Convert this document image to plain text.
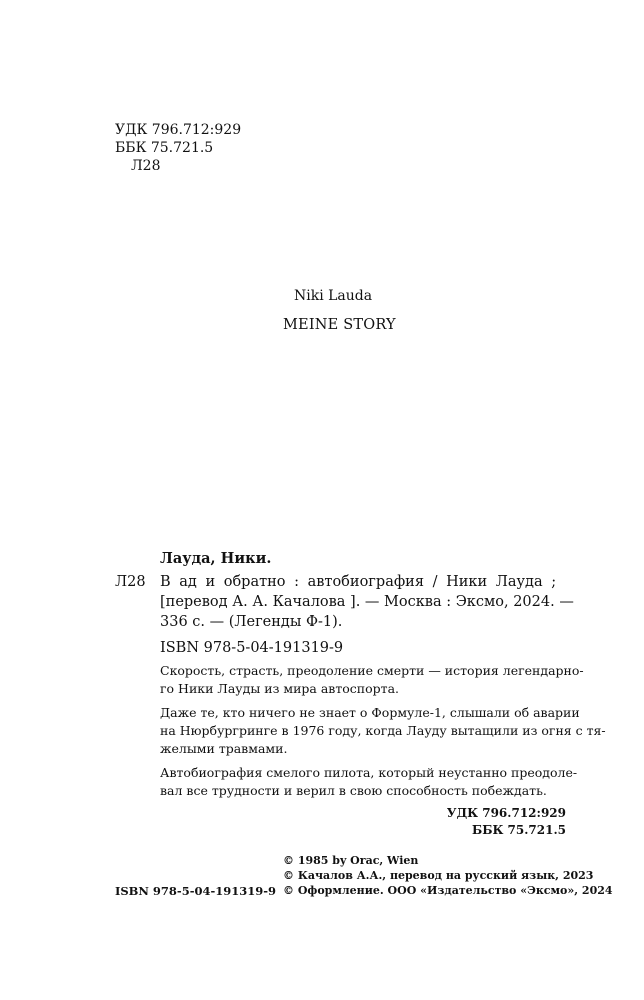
УДК 796.712:929
ББК 75.721.5
Л28
Niki Lauda
MEINE STORY
Лауда, Ники.
Л28 В ад и обратно : автобиография / Ники Лауда ;
[перевод А. А. Качалова ]. — Москва : Эксмо, 2024. —
336 с. — (Легенды Ф-1).
ISBN 978-5-04-191319-9
Скорость, страсть, преодоление смерти — история легендарно-
го Ники Лауды из мира автоспорта.
Даже те, кто ничего не знает о Формуле-1, слышали об аварии
на Нюрбургринге в 1976 году, когда Лауду вытащили из огня с тя-
желыми травмами.
Автобиография смелого пилота, который неустанно преодоле-
вал все трудности и верил в свою способность побеждать.
УДК 796.712:929
ББК 75.721.5
© 1985 by Orac, Wien
© Качалов А.А., перевод на русский язык, 2023
© Оформление. ООО «Издательство «Эксмо», 2024
ISBN 978-5-04-191319-9
